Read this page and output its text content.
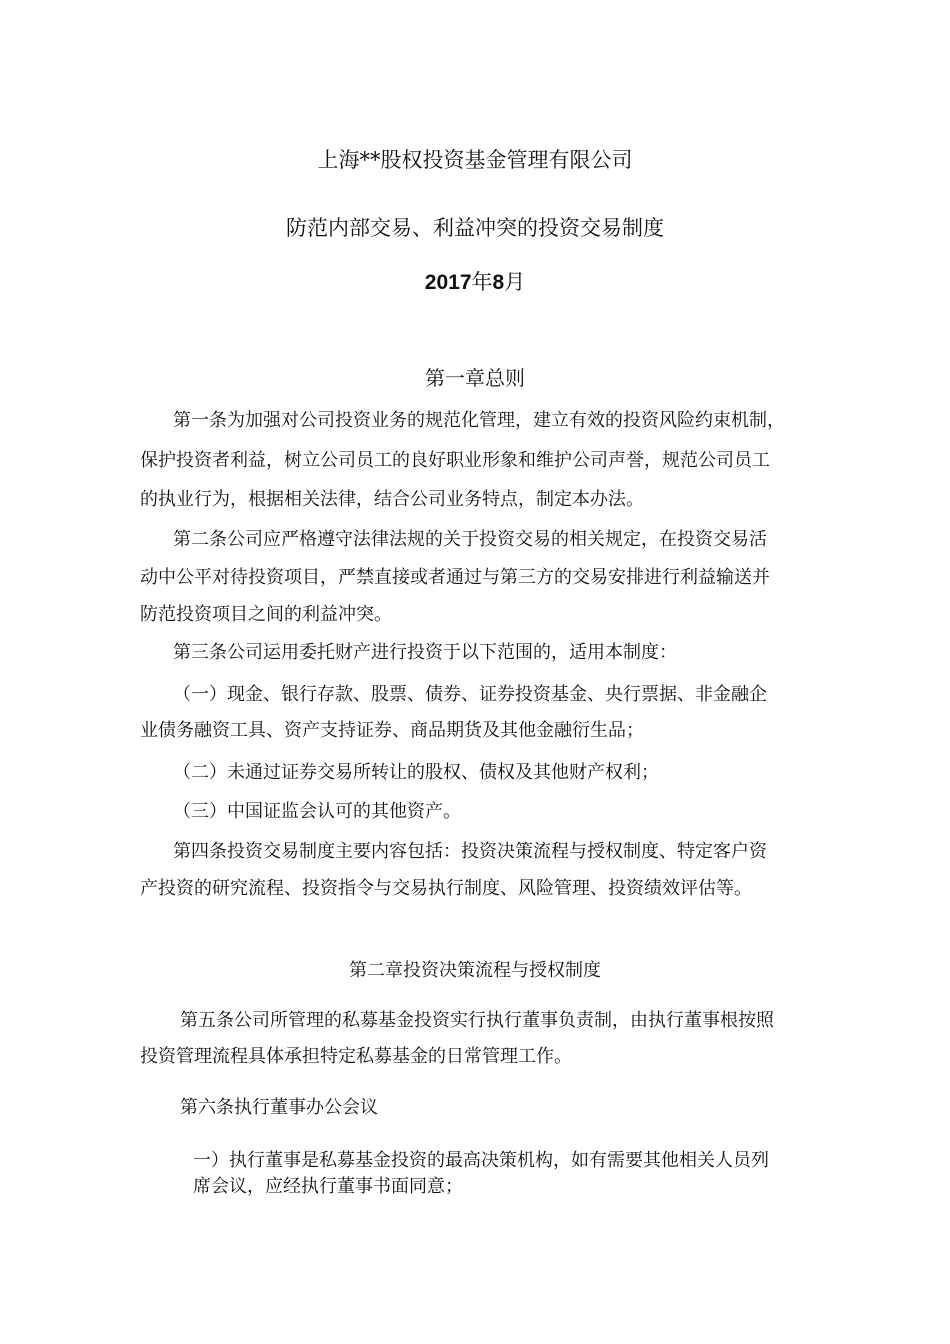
上海**股权投资基金管理有限公司
防范内部交易、利益冲突的投资交易制度
2017年8月
第一章总则
第一条为加强对公司投资业务的规范化管理，建立有效的投资风险约束机制，
保护投资者利益，树立公司员工的良好职业形象和维护公司声誉，规范公司员工
的执业行为，根据相关法律，结合公司业务特点，制定本办法。
第二条公司应严格遵守法律法规的关于投资交易的相关规定，在投资交易活
动中公平对待投资项目，严禁直接或者通过与第三方的交易安排进行利益输送并
防范投资项目之间的利益冲突。
第三条公司运用委托财产进行投资于以下范围的，适用本制度：
（一）现金、银行存款、股票、债券、证券投资基金、央行票据、非金融企
业债务融资工具、资产支持证券、商品期货及其他金融衍生品；
（二）未通过证券交易所转让的股权、债权及其他财产权利；
（三）中国证监会认可的其他资产。
第四条投资交易制度主要内容包括：投资决策流程与授权制度、特定客户资
产投资的研究流程、投资指令与交易执行制度、风险管理、投资绩效评估等。
第二章投资决策流程与授权制度
第五条公司所管理的私募基金投资实行执行董事负责制，由执行董事根按照
投资管理流程具体承担特定私募基金的日常管理工作。
第六条执行董事办公会议
一）执行董事是私募基金投资的最高决策机构，如有需要其他相关人员列
席会议，应经执行董事书面同意；
